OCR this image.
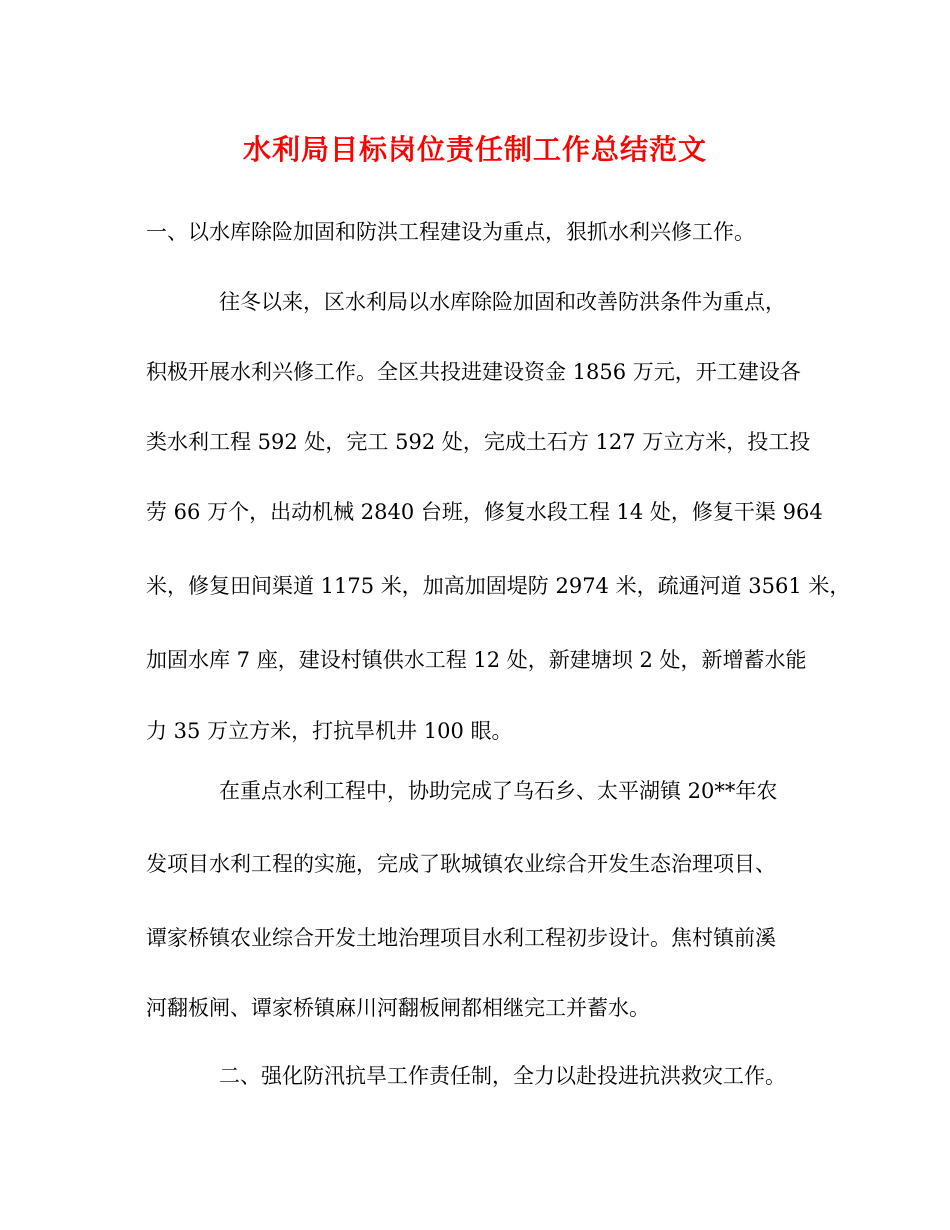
水利局目标岗位责任制工作总结范文
一、以水库除险加固和防洪工程建设为重点，狠抓水利兴修工作。
往冬以来，区水利局以水库除险加固和改善防洪条件为重点，
积极开展水利兴修工作。全区共投进建设资金 1856 万元，开工建设各
类水利工程 592 处，完工 592 处，完成土石方 127 万立方米，投工投
劳 66 万个，出动机械 2840 台班，修复水段工程 14 处，修复干渠 964
米，修复田间渠道 1175 米，加高加固堤防 2974 米，疏通河道 3561 米，
加固水库 7 座，建设村镇供水工程 12 处，新建塘坝 2 处，新增蓄水能
力 35 万立方米，打抗旱机井 100 眼。
在重点水利工程中，协助完成了乌石乡、太平湖镇 20**年农
发项目水利工程的实施，完成了耿城镇农业综合开发生态治理项目、
谭家桥镇农业综合开发土地治理项目水利工程初步设计。焦村镇前溪
河翻板闸、谭家桥镇麻川河翻板闸都相继完工并蓄水。
二、强化防汛抗旱工作责任制，全力以赴投进抗洪救灾工作。
